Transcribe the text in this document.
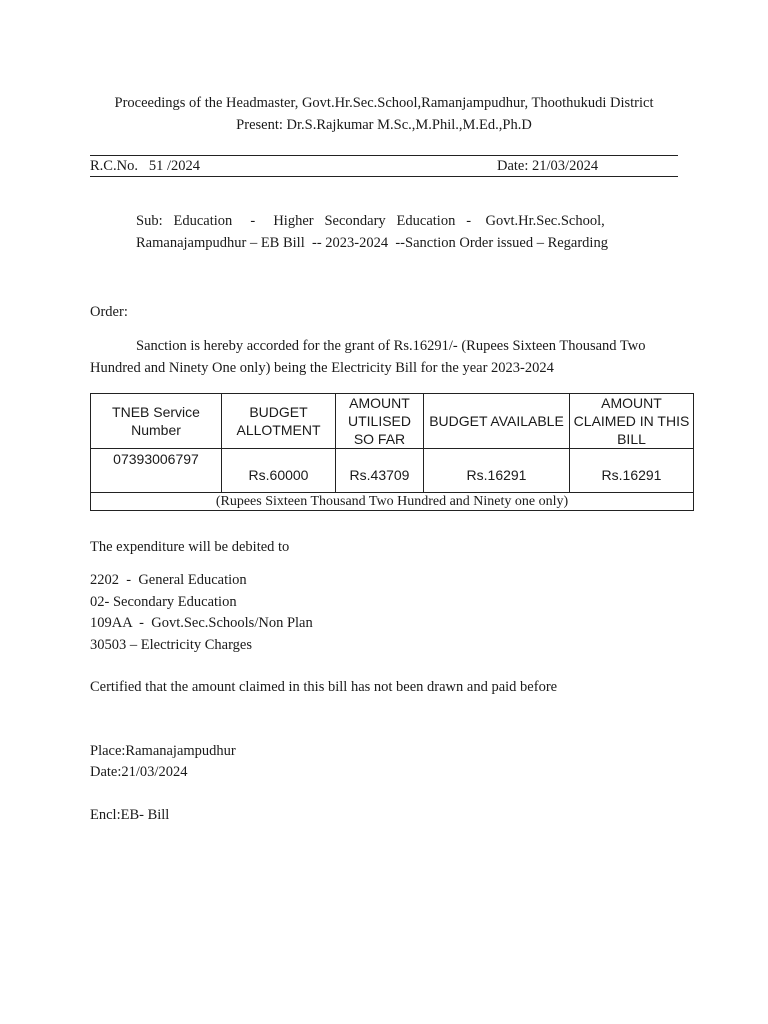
Proceedings of the Headmaster, Govt.Hr.Sec.School,Ramanjampudhur, Thoothukudi District
Present: Dr.S.Rajkumar M.Sc.,M.Phil.,M.Ed.,Ph.D
R.C.No.   51 /2024	Date: 21/03/2024
Sub:   Education     -     Higher   Secondary   Education   -    Govt.Hr.Sec.School,
Ramanajampudhur – EB Bill  -- 2023-2024  --Sanction Order issued – Regarding
Order:
Sanction is hereby accorded for the grant of Rs.16291/- (Rupees Sixteen Thousand Two Hundred and Ninety One only) being the Electricity Bill for the year 2023-2024
TNEB Service Number	BUDGET ALLOTMENT	AMOUNT UTILISED SO FAR	BUDGET AVAILABLE	AMOUNT CLAIMED IN THIS BILL
07393006797	Rs.60000	Rs.43709	Rs.16291	Rs.16291
(Rupees Sixteen Thousand Two Hundred and Ninety one only)				
The expenditure will be debited to
2202  -  General Education
02- Secondary Education
109AA  -  Govt.Sec.Schools/Non Plan
30503 – Electricity Charges
Certified that the amount claimed in this bill has not been drawn and paid before
Place:Ramanajampudhur
Date:21/03/2024
Encl:EB- Bill
